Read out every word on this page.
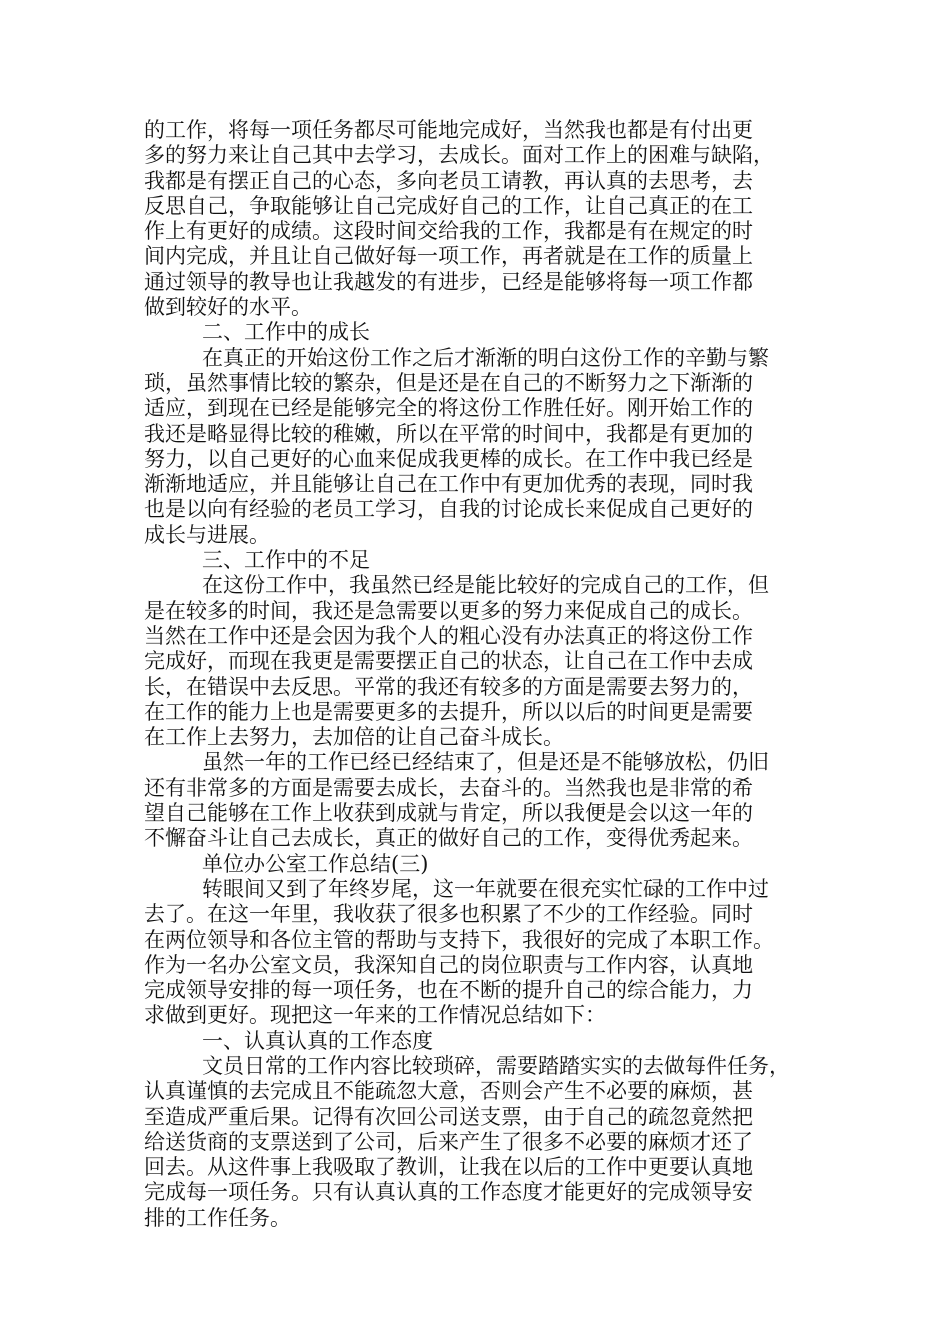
的工作，将每一项任务都尽可能地完成好，当然我也都是有付出更
多的努力来让自己其中去学习，去成长。面对工作上的困难与缺陷，
我都是有摆正自己的心态，多向老员工请教，再认真的去思考，去
反思自己，争取能够让自己完成好自己的工作，让自己真正的在工
作上有更好的成绩。这段时间交给我的工作，我都是有在规定的时
间内完成，并且让自己做好每一项工作，再者就是在工作的质量上
通过领导的教导也让我越发的有进步，已经是能够将每一项工作都
做到较好的水平。
二、工作中的成长
在真正的开始这份工作之后才渐渐的明白这份工作的辛勤与繁
琐，虽然事情比较的繁杂，但是还是在自己的不断努力之下渐渐的
适应，到现在已经是能够完全的将这份工作胜任好。刚开始工作的
我还是略显得比较的稚嫩，所以在平常的时间中，我都是有更加的
努力，以自己更好的心血来促成我更棒的成长。在工作中我已经是
渐渐地适应，并且能够让自己在工作中有更加优秀的表现，同时我
也是以向有经验的老员工学习，自我的讨论成长来促成自己更好的
成长与进展。
三、工作中的不足
在这份工作中，我虽然已经是能比较好的完成自己的工作，但
是在较多的时间，我还是急需要以更多的努力来促成自己的成长。
当然在工作中还是会因为我个人的粗心没有办法真正的将这份工作
完成好，而现在我更是需要摆正自己的状态，让自己在工作中去成
长，在错误中去反思。平常的我还有较多的方面是需要去努力的，
在工作的能力上也是需要更多的去提升，所以以后的时间更是需要
在工作上去努力，去加倍的让自己奋斗成长。
虽然一年的工作已经已经结束了，但是还是不能够放松，仍旧
还有非常多的方面是需要去成长，去奋斗的。当然我也是非常的希
望自己能够在工作上收获到成就与肯定，所以我便是会以这一年的
不懈奋斗让自己去成长，真正的做好自己的工作，变得优秀起来。
单位办公室工作总结(三)
转眼间又到了年终岁尾，这一年就要在很充实忙碌的工作中过
去了。在这一年里，我收获了很多也积累了不少的工作经验。同时
在两位领导和各位主管的帮助与支持下，我很好的完成了本职工作。
作为一名办公室文员，我深知自己的岗位职责与工作内容，认真地
完成领导安排的每一项任务，也在不断的提升自己的综合能力，力
求做到更好。现把这一年来的工作情况总结如下：
一、认真认真的工作态度
文员日常的工作内容比较琐碎，需要踏踏实实的去做每件任务，
认真谨慎的去完成且不能疏忽大意，否则会产生不必要的麻烦，甚
至造成严重后果。记得有次回公司送支票，由于自己的疏忽竟然把
给送货商的支票送到了公司，后来产生了很多不必要的麻烦才还了
回去。从这件事上我吸取了教训，让我在以后的工作中更要认真地
完成每一项任务。只有认真认真的工作态度才能更好的完成领导安
排的工作任务。
